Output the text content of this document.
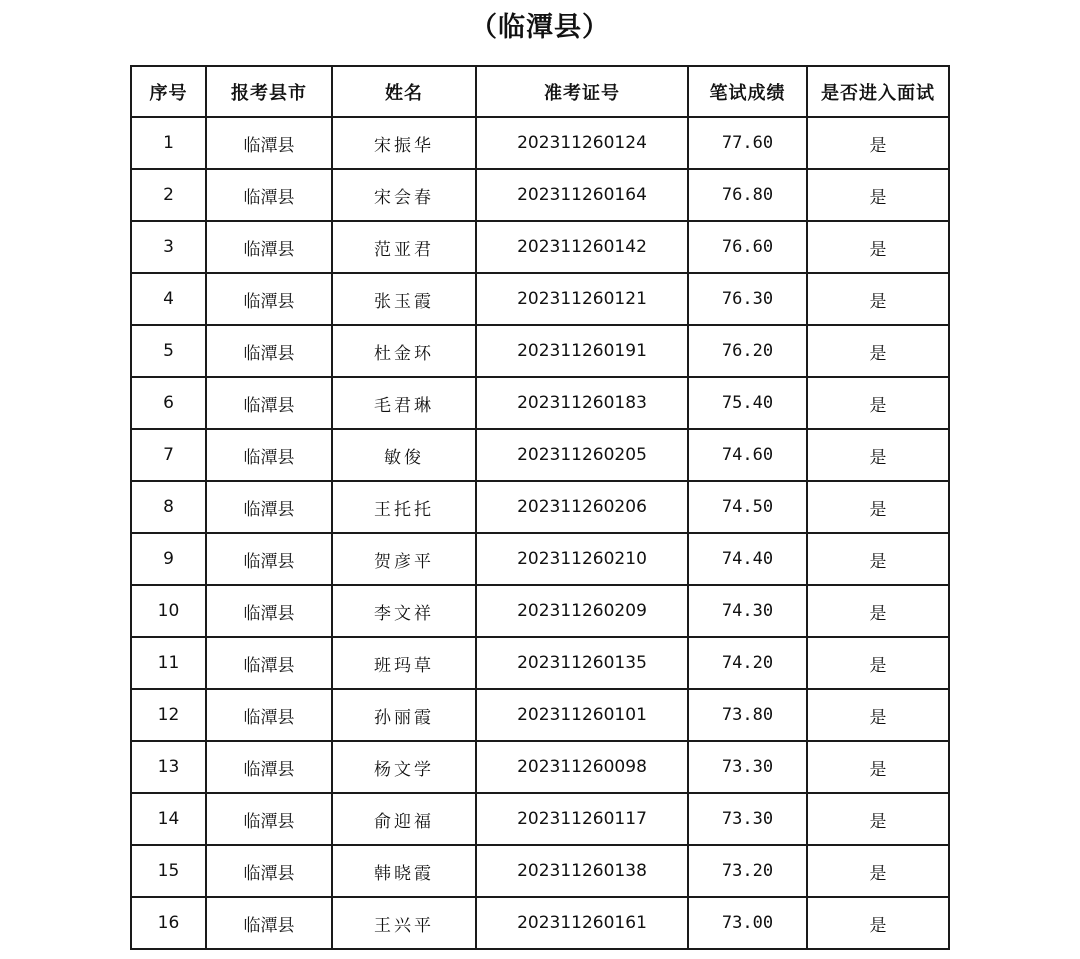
（临潭县）
序号	报考县市	姓名	准考证号	笔试成绩	是否进入面试
1	临潭县	宋振华	202311260124	77.60	是
2	临潭县	宋会春	202311260164	76.80	是
3	临潭县	范亚君	202311260142	76.60	是
4	临潭县	张玉霞	202311260121	76.30	是
5	临潭县	杜金环	202311260191	76.20	是
6	临潭县	毛君琳	202311260183	75.40	是
7	临潭县	敏俊	202311260205	74.60	是
8	临潭县	王托托	202311260206	74.50	是
9	临潭县	贺彦平	202311260210	74.40	是
10	临潭县	李文祥	202311260209	74.30	是
11	临潭县	班玛草	202311260135	74.20	是
12	临潭县	孙丽霞	202311260101	73.80	是
13	临潭县	杨文学	202311260098	73.30	是
14	临潭县	俞迎福	202311260117	73.30	是
15	临潭县	韩晓霞	202311260138	73.20	是
16	临潭县	王兴平	202311260161	73.00	是
